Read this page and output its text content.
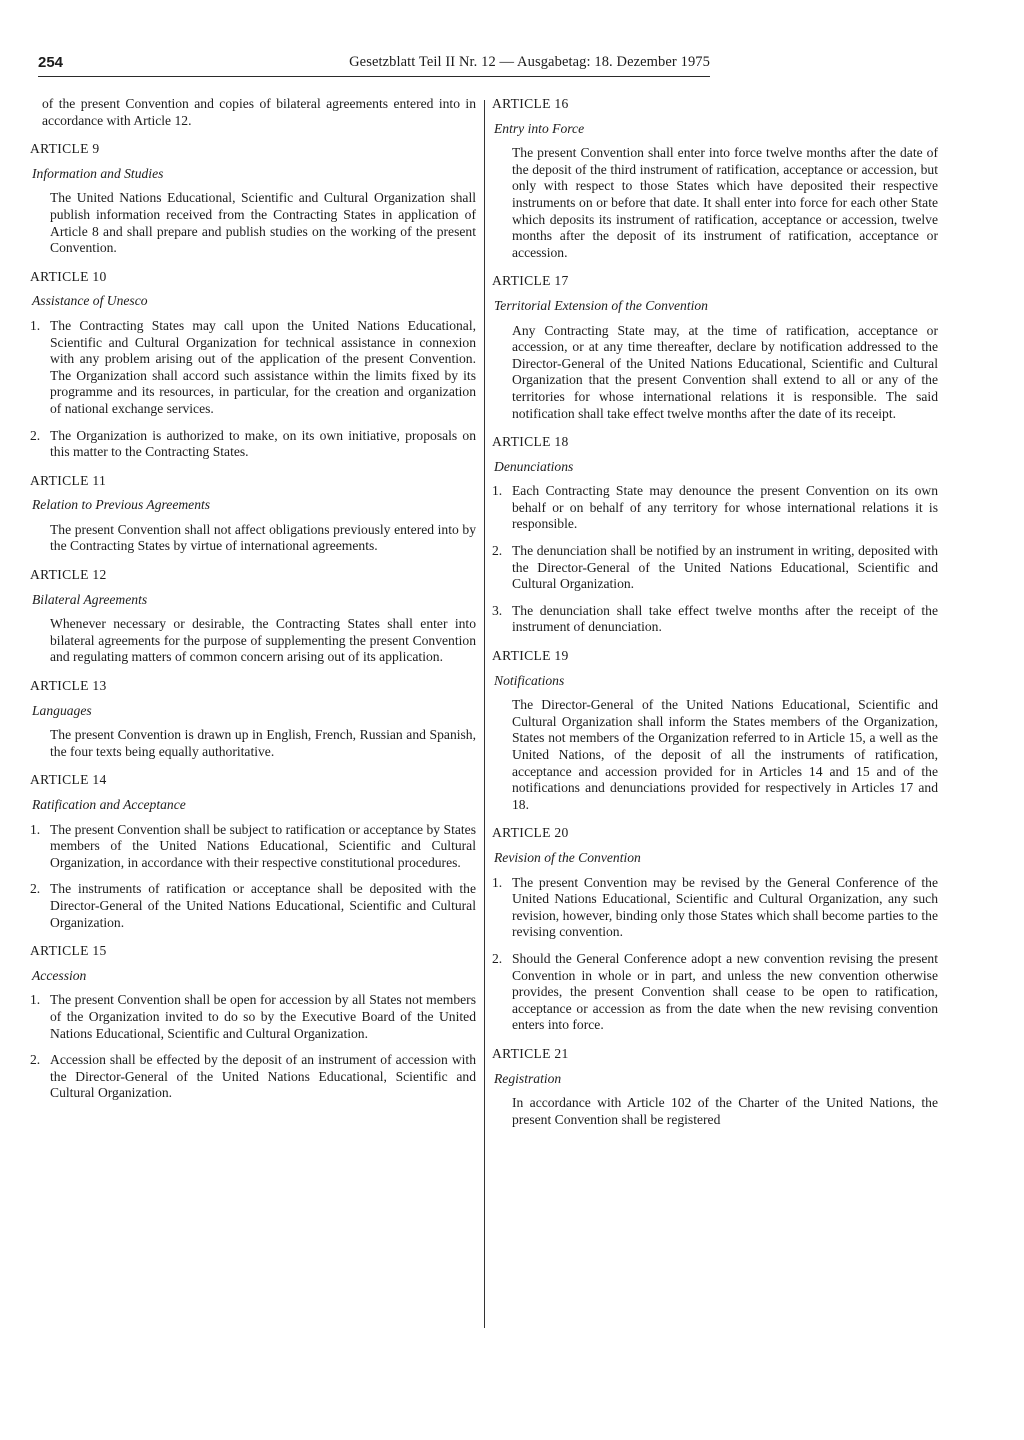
254	Gesetzblatt Teil II Nr. 12 — Ausgabetag: 18. Dezember 1975

of the present Convention and copies of bilateral agreements entered into in accordance with Article 12.

ARTICLE 9

Information and Studies

The United Nations Educational, Scientific and Cultural Organization shall publish information received from the Contracting States in application of Article 8 and shall prepare and publish studies on the working of the present Convention.

ARTICLE 10

Assistance of Unesco

1. The Contracting States may call upon the United Nations Educational, Scientific and Cultural Organization for technical assistance in connexion with any problem arising out of the application of the present Convention. The Organization shall accord such assistance within the limits fixed by its programme and its resources, in particular, for the creation and organization of national exchange services.
2. The Organization is authorized to make, on its own initiative, proposals on this matter to the Contracting States.

ARTICLE 11

Relation to Previous Agreements

The present Convention shall not affect obligations previously entered into by the Contracting States by virtue of international agreements.

ARTICLE 12

Bilateral Agreements

Whenever necessary or desirable, the Contracting States shall enter into bilateral agreements for the purpose of supplementing the present Convention and regulating matters of common concern arising out of its application.

ARTICLE 13

Languages

The present Convention is drawn up in English, French, Russian and Spanish, the four texts being equally authoritative.

ARTICLE 14

Ratification and Acceptance

1. The present Convention shall be subject to ratification or acceptance by States members of the United Nations Educational, Scientific and Cultural Organization, in accordance with their respective constitutional procedures.
2. The instruments of ratification or acceptance shall be deposited with the Director-General of the United Nations Educational, Scientific and Cultural Organization.

ARTICLE 15

Accession

1. The present Convention shall be open for accession by all States not members of the Organization invited to do so by the Executive Board of the United Nations Educational, Scientific and Cultural Organization.
2. Accession shall be effected by the deposit of an instrument of accession with the Director-General of the United Nations Educational, Scientific and Cultural Organization.

ARTICLE 16

Entry into Force

The present Convention shall enter into force twelve months after the date of the deposit of the third instrument of ratification, acceptance or accession, but only with respect to those States which have deposited their respective instruments on or before that date. It shall enter into force for each other State which deposits its instrument of ratification, acceptance or accession, twelve months after the deposit of its instrument of ratification, acceptance or accession.

ARTICLE 17

Territorial Extension of the Convention

Any Contracting State may, at the time of ratification, acceptance or accession, or at any time thereafter, declare by notification addressed to the Director-General of the United Nations Educational, Scientific and Cultural Organization that the present Convention shall extend to all or any of the territories for whose international relations it is responsible. The said notification shall take effect twelve months after the date of its receipt.

ARTICLE 18

Denunciations

1. Each Contracting State may denounce the present Convention on its own behalf or on behalf of any territory for whose international relations it is responsible.
2. The denunciation shall be notified by an instrument in writing, deposited with the Director-General of the United Nations Educational, Scientific and Cultural Organization.
3. The denunciation shall take effect twelve months after the receipt of the instrument of denunciation.

ARTICLE 19

Notifications

The Director-General of the United Nations Educational, Scientific and Cultural Organization shall inform the States members of the Organization, States not members of the Organization referred to in Article 15, a well as the United Nations, of the deposit of all the instruments of ratification, acceptance and accession provided for in Articles 14 and 15 and of the notifications and denunciations provided for respectively in Articles 17 and 18.

ARTICLE 20

Revision of the Convention

1. The present Convention may be revised by the General Conference of the United Nations Educational, Scientific and Cultural Organization, any such revision, however, binding only those States which shall become parties to the revising convention.
2. Should the General Conference adopt a new convention revising the present Convention in whole or in part, and unless the new convention otherwise provides, the present Convention shall cease to be open to ratification, acceptance or accession as from the date when the new revising convention enters into force.

ARTICLE 21

Registration

In accordance with Article 102 of the Charter of the United Nations, the present Convention shall be registered
